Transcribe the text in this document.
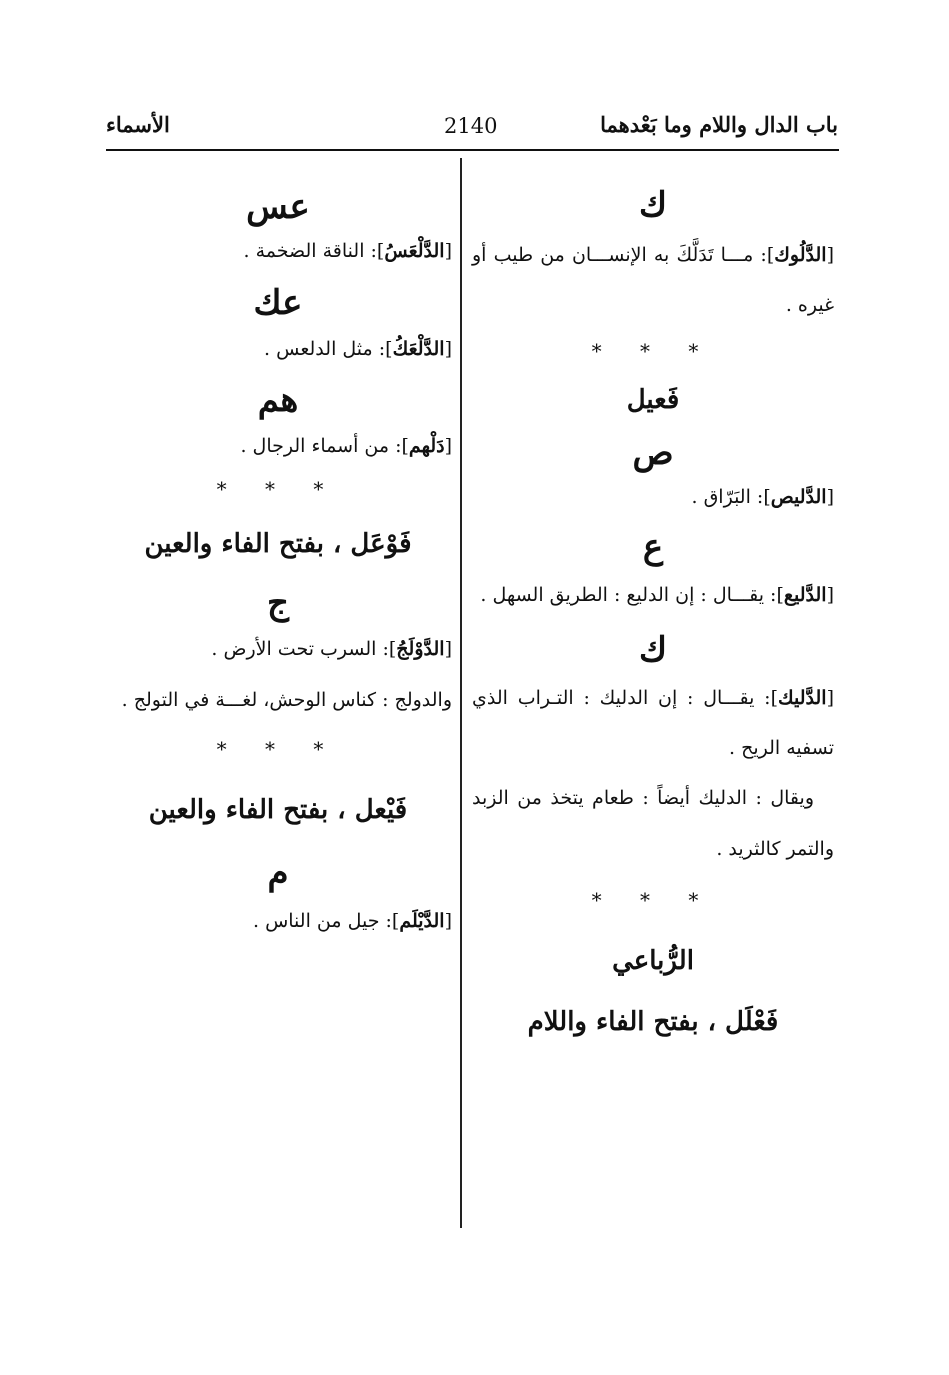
باب الدال واللام وما بَعْدهما
2140
الأسماء
ك
[الدَّلُوك]: مـــا تَدَلَّكَ به الإنســـان من طيب أو غيره .
* * *
فَعيل
ص
[الدَّليص]: البَرّاق .
ع
[الدَّليع]: يقـــال : إن الدليع : الطريق السهل .
ك
[الدَّليك]: يقـــال : إن الدليك : التـراب الذي تسفيه الريح .
ويقال : الدليك أيضاً : طعام يتخذ من الزبد والتمر كالثريد .
* * *
الرُّباعي
فَعْلَل ، بفتح الفاء واللام
عس
[الدَّلْعَسُ]: الناقة الضخمة .
عك
[الدَّلْعَكُ]: مثل الدلعس .
هم
[دَلْهم]: من أسماء الرجال .
* * *
فَوْعَل ، بفتح الفاء والعين
ج
[الدَّوْلَجُ]: السرب تحت الأرض .
والدولج : كناس الوحش، لغـــة في التولج .
* * *
فَيْعل ، بفتح الفاء والعين
م
[الدَّيْلَم]: جيل من الناس .
